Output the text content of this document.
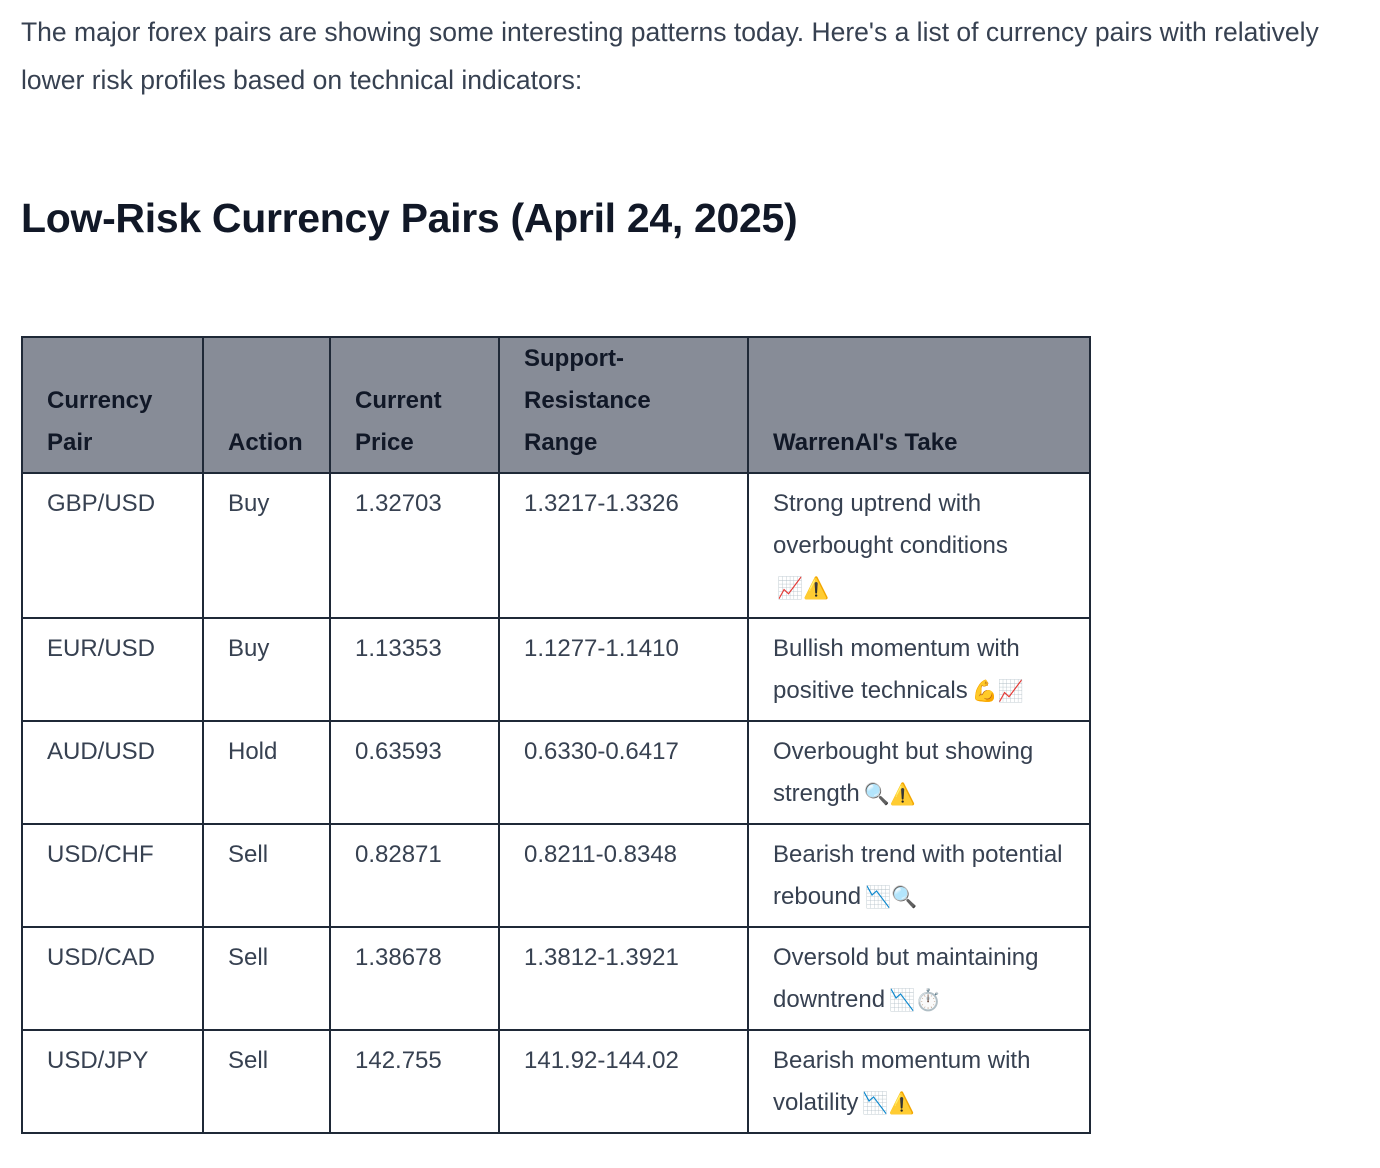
The major forex pairs are showing some interesting patterns today. Here's a list of currency pairs with relatively lower risk profiles based on technical indicators:

Low-Risk Currency Pairs (April 24, 2025)
Currency Pair	Action	Current Price	Support-Resistance Range	WarrenAI's Take
GBP/USD	Buy	1.32703	1.3217-1.3326	Strong uptrend with overbought conditions 📈⚠️
EUR/USD	Buy	1.13353	1.1277-1.1410	Bullish momentum with positive technicals 💪📈
AUD/USD	Hold	0.63593	0.6330-0.6417	Overbought but showing strength 🔍⚠️
USD/CHF	Sell	0.82871	0.8211-0.8348	Bearish trend with potential rebound 📉🔍
USD/CAD	Sell	1.38678	1.3812-1.3921	Oversold but maintaining downtrend 📉⏱️
USD/JPY	Sell	142.755	141.92-144.02	Bearish momentum with volatility 📉⚠️
